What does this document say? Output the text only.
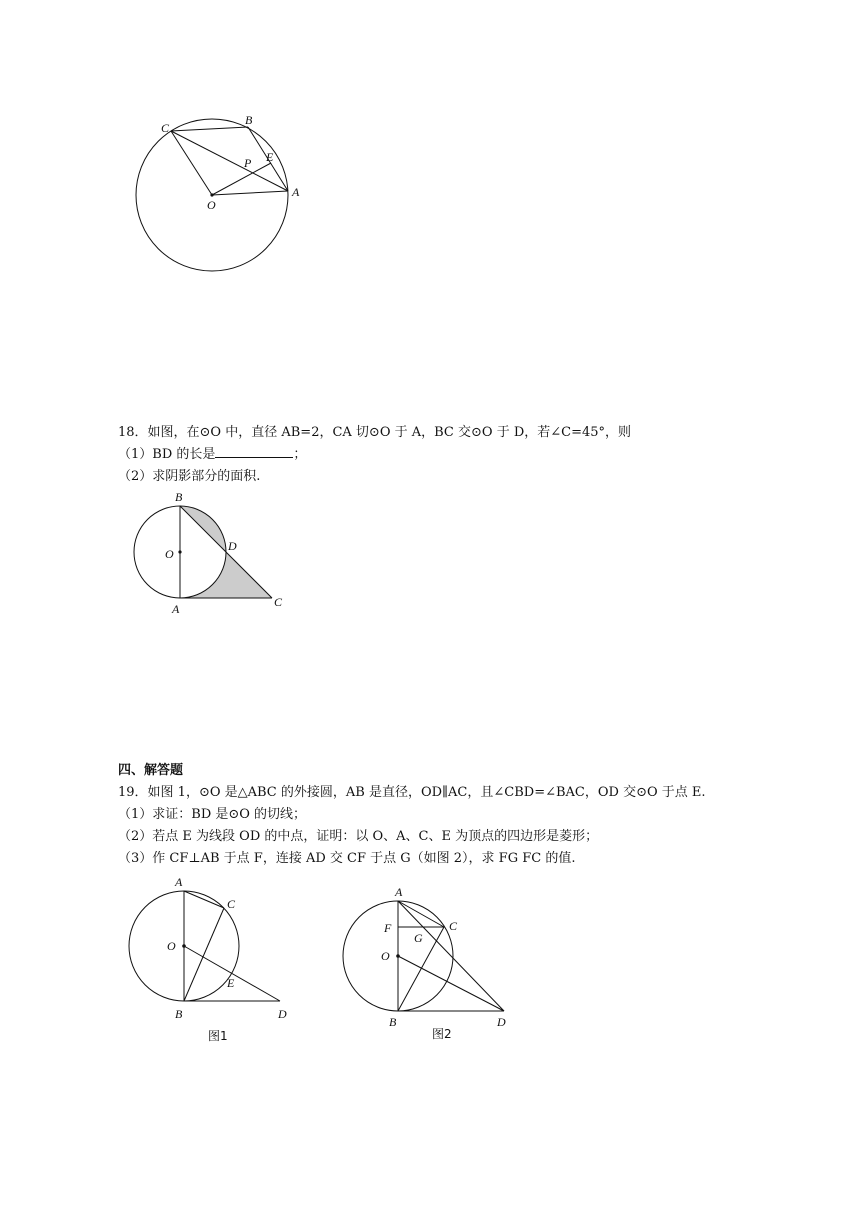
C
B
E
P
O
A
18．如图，在⊙O 中，直径 AB=2，CA 切⊙O 于 A，BC 交⊙O 于 D，若∠C=45°，则
（1）BD 的长是	；
（2）求阴影部分的面积.
B
O
D
A	C
四、解答题
19．如图 1，⊙O 是△ABC 的外接圆，AB 是直径，OD∥AC，且∠CBD=∠BAC，OD 交⊙O 于点 E.
（1）求证：BD 是⊙O 的切线；
（2）若点 E 为线段 OD 的中点，证明：以 O、A、C、E 为顶点的四边形是菱形；
（3）作 CF⊥AB 于点 F，连接 AD 交 CF 于点 G（如图 2），求 FG FC 的值.
A
C
O
E
B	D
图1
A
F
G
C
O
B	D
图2
